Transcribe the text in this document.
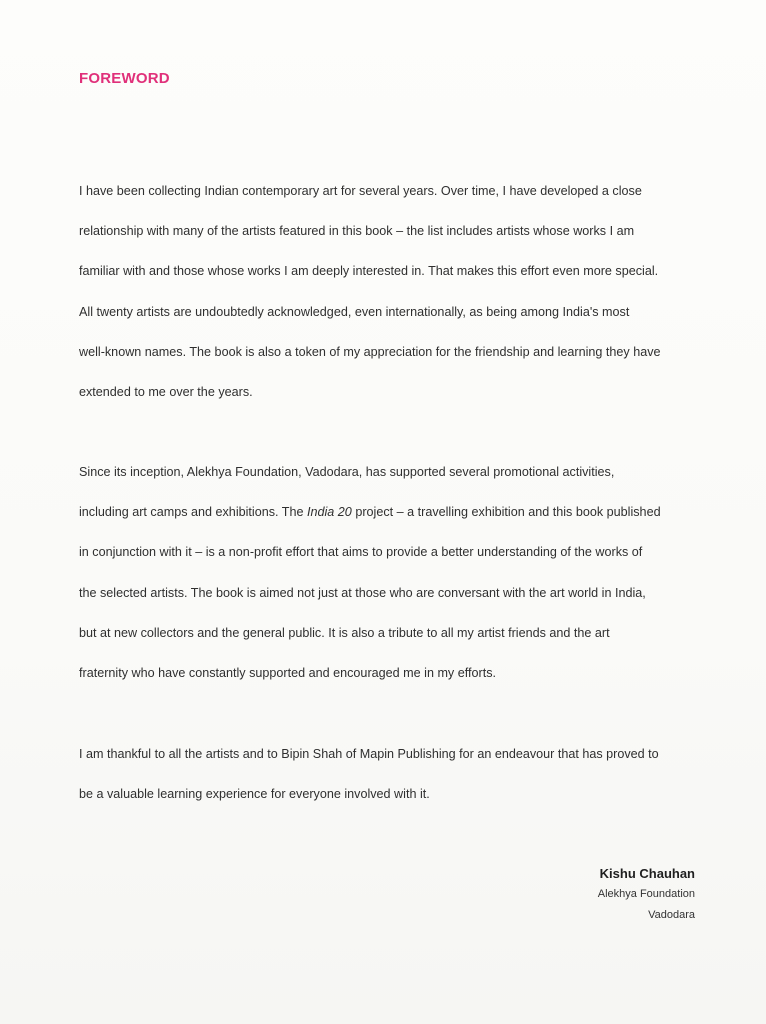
FOREWORD
I have been collecting Indian contemporary art for several years. Over time, I have developed a close
relationship with many of the artists featured in this book – the list includes artists whose works I am
familiar with and those whose works I am deeply interested in. That makes this effort even more special.
All twenty artists are undoubtedly acknowledged, even internationally, as being among India's most
well-known names. The book is also a token of my appreciation for the friendship and learning they have
extended to me over the years.
Since its inception, Alekhya Foundation, Vadodara, has supported several promotional activities,
including art camps and exhibitions. The India 20 project – a travelling exhibition and this book published
in conjunction with it – is a non-profit effort that aims to provide a better understanding of the works of
the selected artists. The book is aimed not just at those who are conversant with the art world in India,
but at new collectors and the general public. It is also a tribute to all my artist friends and the art
fraternity who have constantly supported and encouraged me in my efforts.
I am thankful to all the artists and to Bipin Shah of Mapin Publishing for an endeavour that has proved to
be a valuable learning experience for everyone involved with it.
Kishu Chauhan
Alekhya Foundation
Vadodara
